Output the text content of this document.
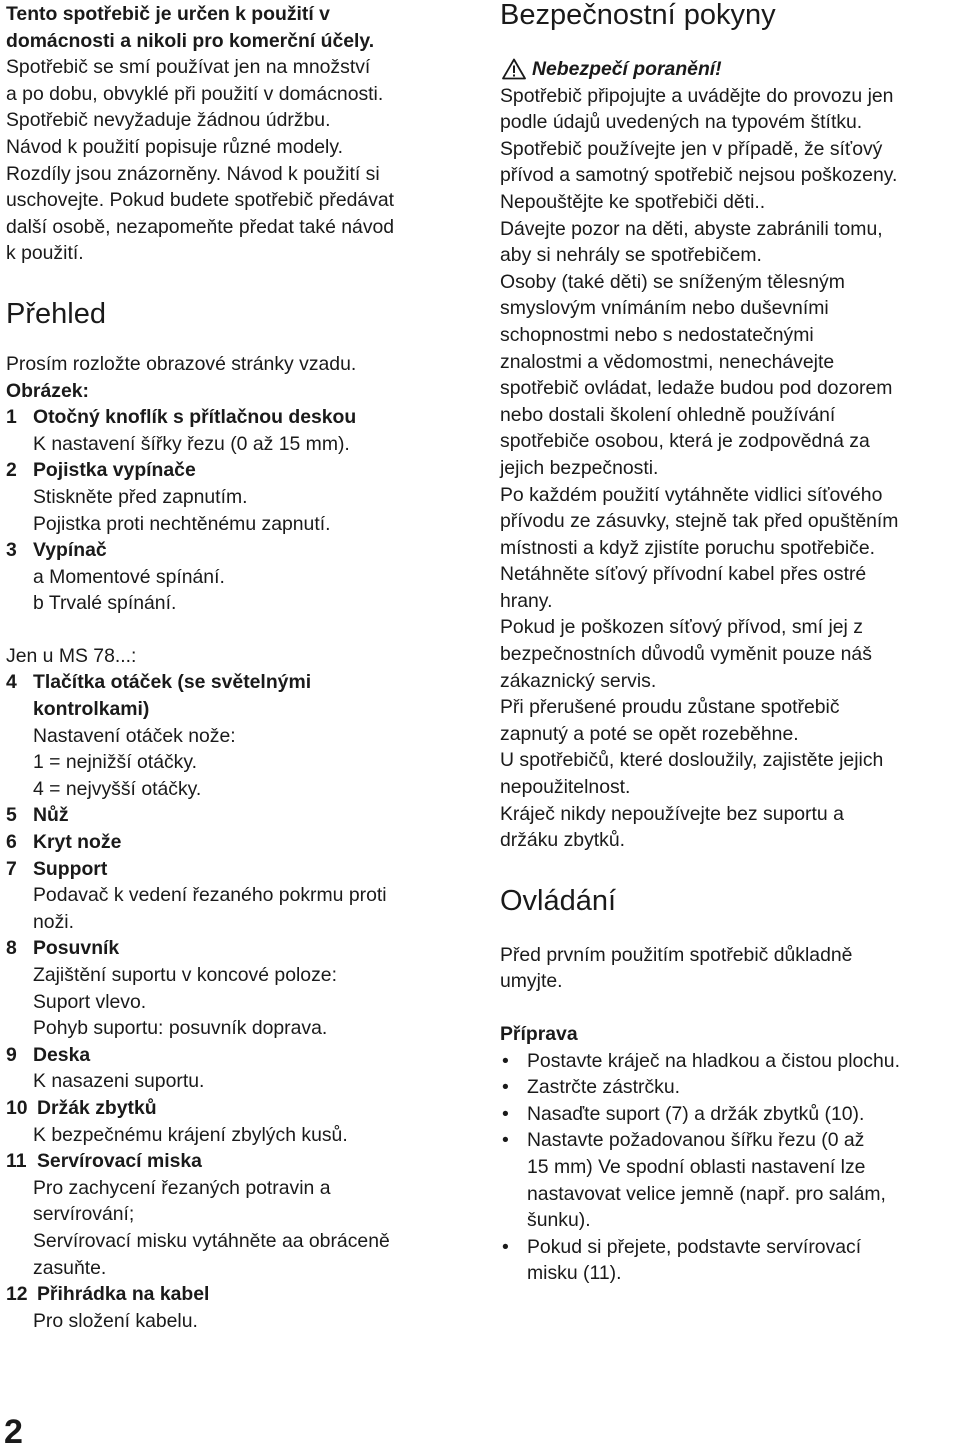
Tento spotřebič je určen k použití v

domácnosti a nikoli pro komerční účely.

Spotřebič se smí používat jen na množství

a po dobu, obvyklé při použití v domácnosti.

Spotřebič nevyžaduje žádnou údržbu.

Návod k použití popisuje různé modely.

Rozdíly jsou znázorněny. Návod k použití si

uschovejte. Pokud budete spotřebič předávat

další osobě, nezapomeňte předat také návod

k použití.

Přehled

Prosím rozložte obrazové stránky vzadu.

Obrázek:

1 Otočný knoflík s přítlačnou deskou

K nastavení šířky řezu (0 až 15 mm).

2 Pojistka vypínače

Stiskněte před zapnutím.

Pojistka proti nechtěnému zapnutí.

3 Vypínač

a Momentové spínání.

b Trvalé spínání.

Jen u MS 78...:

4 Tlačítka otáček (se světelnými

kontrolkami)

Nastavení otáček nože:

1 = nejnižší otáčky.

4 = nejvyšší otáčky.

5 Nůž
6 Kryt nože
7 Support

Podavač k vedení řezaného pokrmu proti

noži.

8 Posuvník

Zajištění suportu v koncové poloze:

Suport vlevo.

Pohyb suportu: posuvník doprava.

9 Deska

K nasazeni suportu.

10 Držák zbytků

K bezpečnému krájení zbylých kusů.

11 Servírovací miska

Pro zachycení řezaných potravin a

servírování;

Servírovací misku vytáhněte aa obráceně

zasuňte.

12 Přihrádka na kabel

Pro složení kabelu.

2
Bezpečnostní pokyny
Nebezpečí poranění!

Spotřebič připojujte a uvádějte do provozu jen

podle údajů uvedených na typovém štítku.

Spotřebič používejte jen v případě, že síťový

přívod a samotný spotřebič nejsou poškozeny.

Nepouštějte ke spotřebiči děti..

Dávejte pozor na děti, abyste zabránili tomu,

aby si nehrály se spotřebičem.

Osoby (také děti) se sníženým tělesným

smyslovým vnímáním nebo duševními

schopnostmi nebo s nedostatečnými

znalostmi a vědomostmi, nenechávejte

spotřebič ovládat, ledaže budou pod dozorem

nebo dostali školení ohledně používání

spotřebiče osobou, která je zodpovědná za

jejich bezpečnosti.

Po každém použití vytáhněte vidlici síťového

přívodu ze zásuvky, stejně tak před opuštěním

místnosti a když zjistíte poruchu spotřebiče.

Netáhněte síťový přívodní kabel přes ostré

hrany.

Pokud je poškozen síťový přívod, smí jej z

bezpečnostních důvodů vyměnit pouze náš

zákaznický servis.

Při přerušené proudu zůstane spotřebič

zapnutý a poté se opět rozeběhne.

U spotřebičů, které dosloužily, zajistěte jejich

nepoužitelnost.

Kráječ nikdy nepoužívejte bez suportu a

držáku zbytků.

Ovládání

Před prvním použitím spotřebič důkladně

umyjte.

Příprava

• Postavte kráječ na hladkou a čistou plochu.
• Zastrčte zástrčku.
• Nasaďte suport (7) a držák zbytků (10).
• Nastavte požadovanou šířku řezu (0 až
15 mm) Ve spodní oblasti nastavení lze
nastavovat velice jemně (např. pro salám,
šunku).
• Pokud si přejete, podstavte servírovací
misku (11).
